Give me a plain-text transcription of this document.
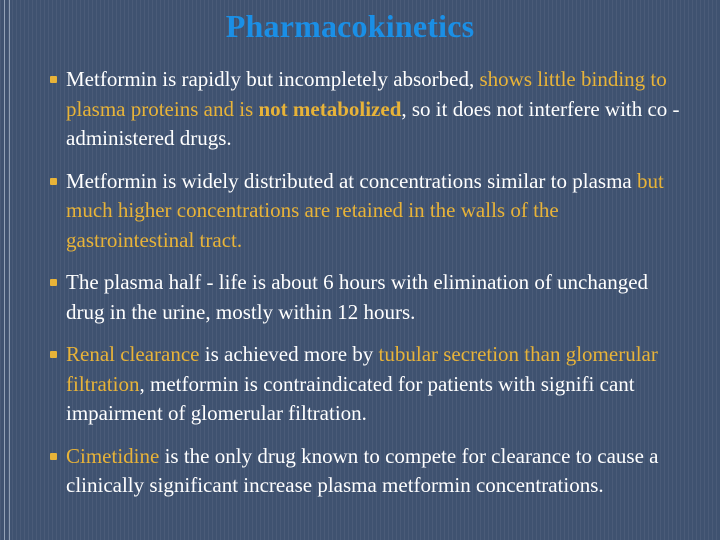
Pharmacokinetics
Metformin is rapidly but incompletely absorbed, shows little binding to plasma proteins and is not metabolized, so it does not interfere with co - administered drugs.
Metformin is widely distributed at concentrations similar to plasma but much higher concentrations are retained in the walls of the gastrointestinal tract.
The plasma half - life is about 6 hours with elimination of unchanged drug in the urine, mostly within 12 hours.
Renal clearance is achieved more by tubular secretion than glomerular filtration, metformin is contraindicated for patients with signifi cant impairment of glomerular filtration.
Cimetidine is the only drug known to compete for clearance to cause a clinically significant increase plasma metformin concentrations.
